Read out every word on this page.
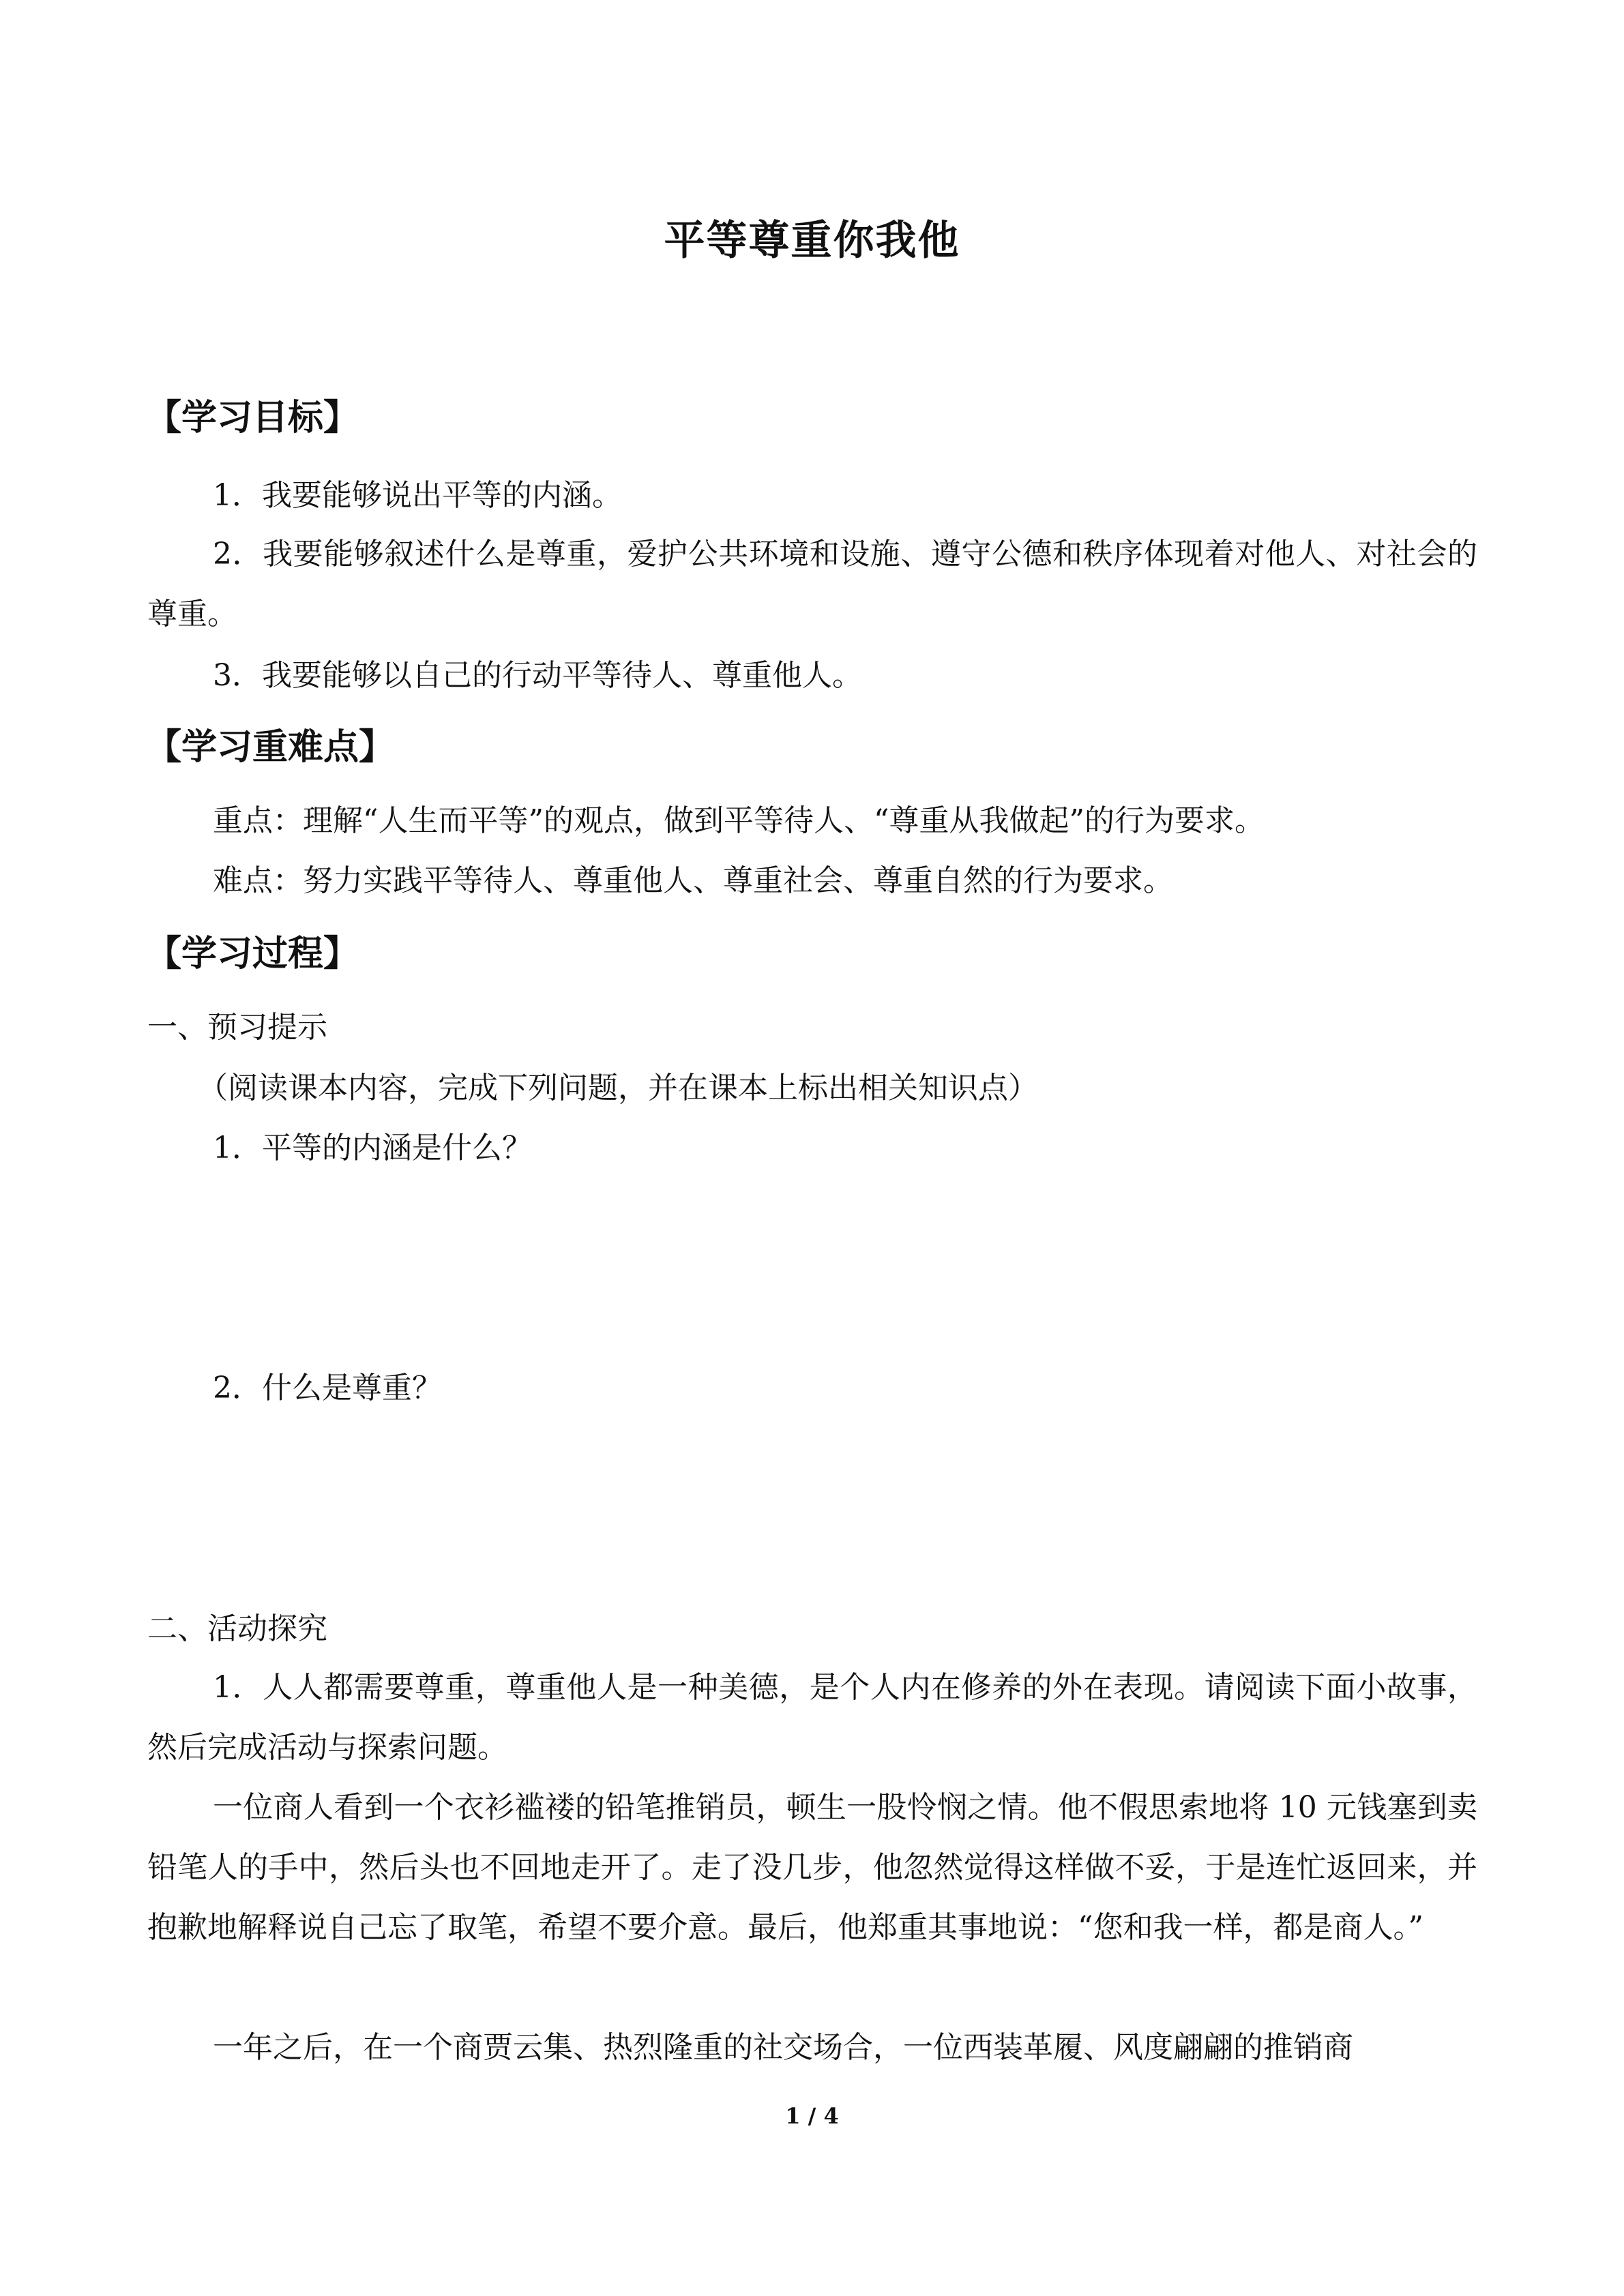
平等尊重你我他
【学习目标】
1．我要能够说出平等的内涵。
2．我要能够叙述什么是尊重，爱护公共环境和设施、遵守公德和秩序体现着对他人、对社会的尊重。
3．我要能够以自己的行动平等待人、尊重他人。
【学习重难点】
重点：理解“人生而平等”的观点，做到平等待人、“尊重从我做起”的行为要求。
难点：努力实践平等待人、尊重他人、尊重社会、尊重自然的行为要求。
【学习过程】
一、预习提示
（阅读课本内容，完成下列问题，并在课本上标出相关知识点）
1．平等的内涵是什么？
2．什么是尊重？
二、活动探究
1．人人都需要尊重，尊重他人是一种美德，是个人内在修养的外在表现。请阅读下面小故事，然后完成活动与探索问题。
一位商人看到一个衣衫褴褛的铅笔推销员，顿生一股怜悯之情。他不假思索地将 10 元钱塞到卖铅笔人的手中，然后头也不回地走开了。走了没几步，他忽然觉得这样做不妥，于是连忙返回来，并抱歉地解释说自己忘了取笔，希望不要介意。最后，他郑重其事地说：“您和我一样，都是商人。”
一年之后，在一个商贾云集、热烈隆重的社交场合，一位西装革履、风度翩翩的推销商
1 / 4
